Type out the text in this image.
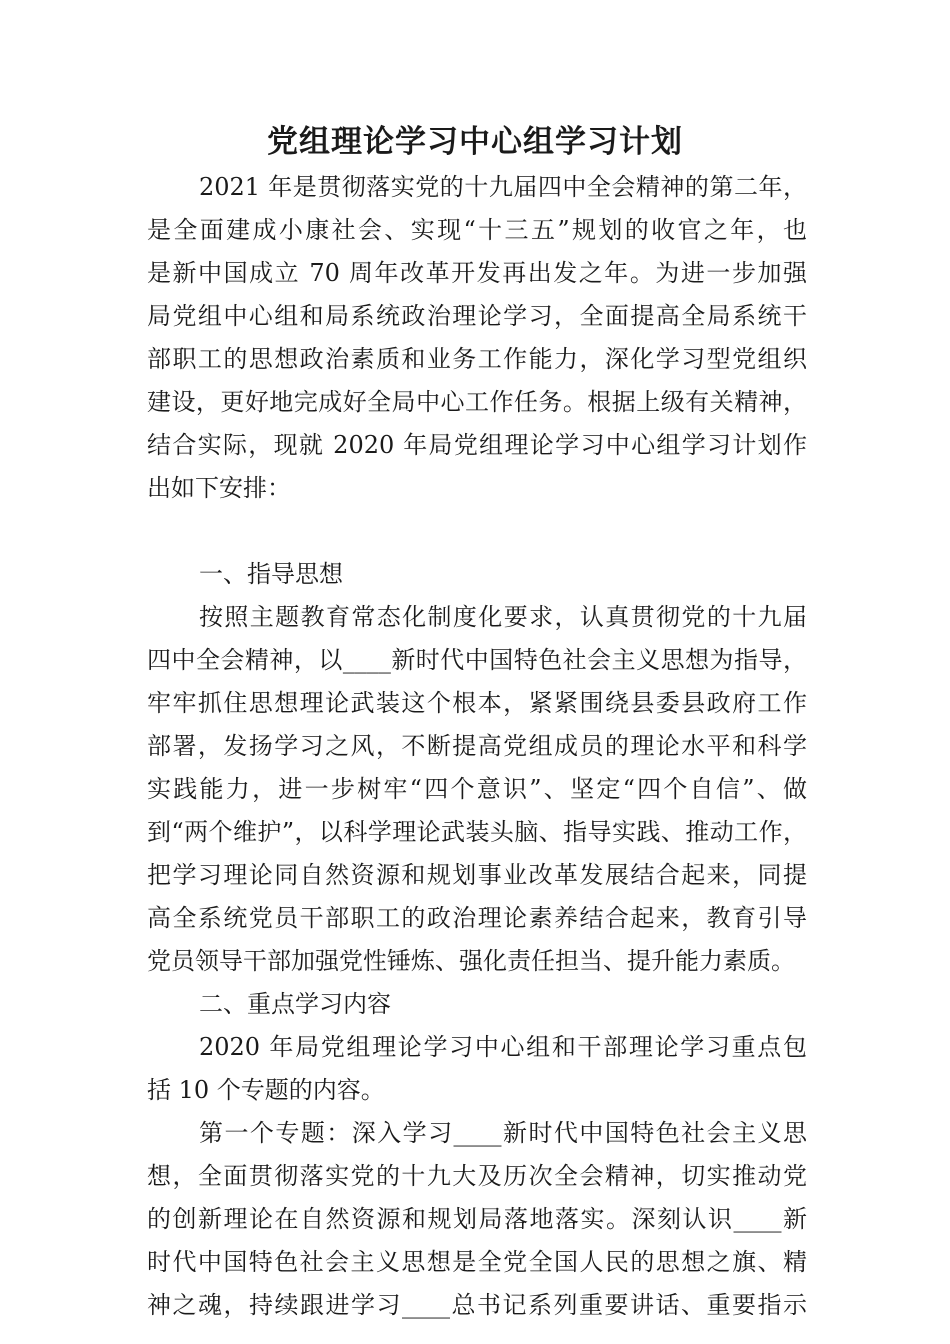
党组理论学习中心组学习计划
2021 年是贯彻落实党的十九届四中全会精神的第二年，
是全面建成小康社会、实现“十三五”规划的收官之年，也
是新中国成立 70 周年改革开发再出发之年。为进一步加强
局党组中心组和局系统政治理论学习，全面提高全局系统干
部职工的思想政治素质和业务工作能力，深化学习型党组织
建设，更好地完成好全局中心工作任务。根据上级有关精神，
结合实际，现就 2020 年局党组理论学习中心组学习计划作
出如下安排：
一、指导思想
按照主题教育常态化制度化要求，认真贯彻党的十九届
四中全会精神，以____新时代中国特色社会主义思想为指导，
牢牢抓住思想理论武装这个根本，紧紧围绕县委县政府工作
部署，发扬学习之风，不断提高党组成员的理论水平和科学
实践能力，进一步树牢“四个意识”、坚定“四个自信”、做
到“两个维护”，以科学理论武装头脑、指导实践、推动工作，
把学习理论同自然资源和规划事业改革发展结合起来，同提
高全系统党员干部职工的政治理论素养结合起来，教育引导
党员领导干部加强党性锤炼、强化责任担当、提升能力素质。
二、重点学习内容
2020 年局党组理论学习中心组和干部理论学习重点包
括 10 个专题的内容。
第一个专题：深入学习____新时代中国特色社会主义思
想，全面贯彻落实党的十九大及历次全会精神，切实推动党
的创新理论在自然资源和规划局落地落实。深刻认识____新
时代中国特色社会主义思想是全党全国人民的思想之旗、精
神之魂，持续跟进学习____总书记系列重要讲话、重要指示
